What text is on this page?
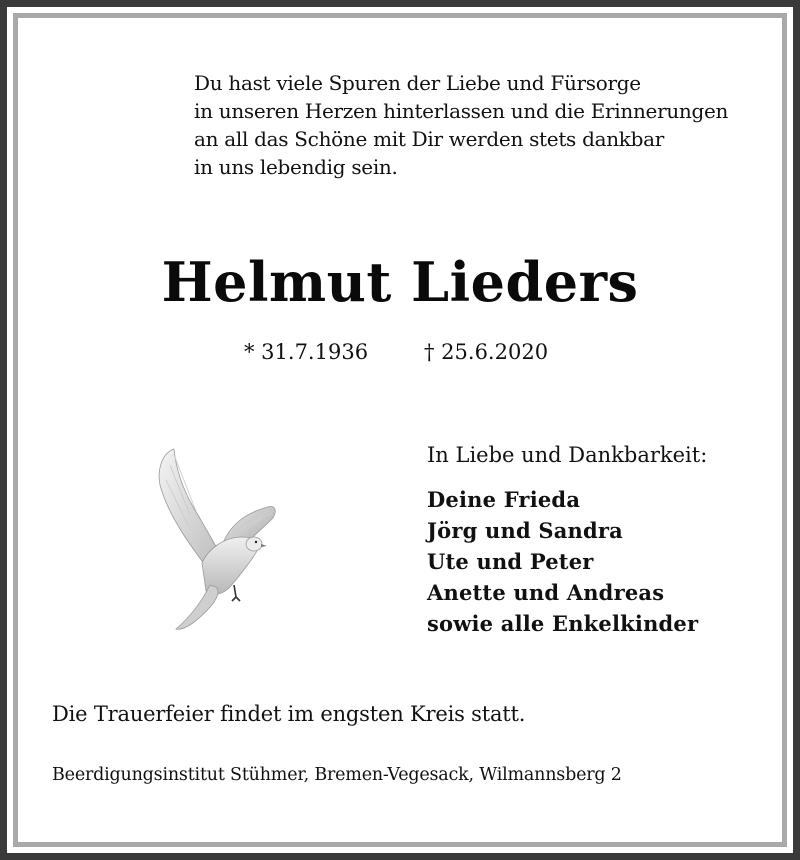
Du hast viele Spuren der Liebe und Fürsorge
in unseren Herzen hinterlassen und die Erinnerungen
an all das Schöne mit Dir werden stets dankbar
in uns lebendig sein.
Helmut Lieders
* 31.7.1936	† 25.6.2020
In Liebe und Dankbarkeit:
Deine Frieda
Jörg und Sandra
Ute und Peter
Anette und Andreas
sowie alle Enkelkinder
Die Trauerfeier findet im engsten Kreis statt.
Beerdigungsinstitut Stühmer, Bremen-Vegesack, Wilmannsberg 2
